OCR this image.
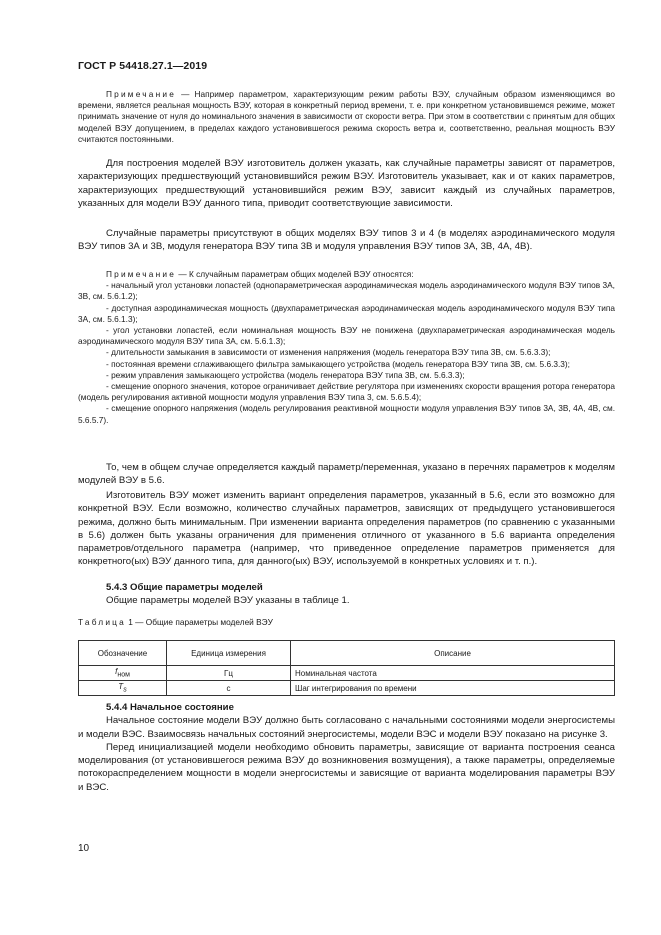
ГОСТ Р 54418.27.1—2019

Примечание — Например параметром, характеризующим режим работы ВЭУ, случайным образом изменяющимся во времени, является реальная мощность ВЭУ, которая в конкретный период времени, т. е. при конкретном установившемся режиме, может принимать значение от нуля до номинального значения в зависимости от скорости ветра. При этом в соответствии с принятым для общих моделей ВЭУ допущением, в пределах каждого установившегося режима скорость ветра и, соответственно, реальная мощность ВЭУ считаются постоянными.

Для построения моделей ВЭУ изготовитель должен указать, как случайные параметры зависят от параметров, характеризующих предшествующий установившийся режим ВЭУ. Изготовитель указывает, как и от каких параметров, характеризующих предшествующий установившийся режим ВЭУ, зависит каждый из случайных параметров, указанных для модели ВЭУ данного типа, приводит соответствующие зависимости.

Случайные параметры присутствуют в общих моделях ВЭУ типов 3 и 4 (в моделях аэродинамического модуля ВЭУ типов 3А и 3В, модуля генератора ВЭУ типа 3В и модуля управления ВЭУ типов 3А, 3В, 4А, 4В).

Примечание — К случайным параметрам общих моделей ВЭУ относятся:

- начальный угол установки лопастей (однопараметрическая аэродинамическая модель аэродинамического модуля ВЭУ типов 3А, 3В, см. 5.6.1.2);

- доступная аэродинамическая мощность (двухпараметрическая аэродинамическая модель аэродинамического модуля ВЭУ типа 3А, см. 5.6.1.3);

- угол установки лопастей, если номинальная мощность ВЭУ не понижена (двухпараметрическая аэродинамическая модель аэродинамического модуля ВЭУ типа 3А, см. 5.6.1.3);

- длительности замыкания в зависимости от изменения напряжения (модель генератора ВЭУ типа 3В, см. 5.6.3.3);

- постоянная времени сглаживающего фильтра замыкающего устройства (модель генератора ВЭУ типа 3В, см. 5.6.3.3);

- режим управления замыкающего устройства (модель генератора ВЭУ типа 3В, см. 5.6.3.3);

- смещение опорного значения, которое ограничивает действие регулятора при изменениях скорости вращения ротора генератора (модель регулирования активной мощности модуля управления ВЭУ типа 3, см. 5.6.5.4);

- смещение опорного напряжения (модель регулирования реактивной мощности модуля управления ВЭУ типов 3А, 3В, 4А, 4В, см. 5.6.5.7).

То, чем в общем случае определяется каждый параметр/переменная, указано в перечнях параметров к моделям модулей ВЭУ в 5.6.

Изготовитель ВЭУ может изменить вариант определения параметров, указанный в 5.6, если это возможно для конкретной ВЭУ. Если возможно, количество случайных параметров, зависящих от предыдущего установившегося режима, должно быть минимальным. При изменении варианта определения параметров (по сравнению с указанными в 5.6) должен быть указаны ограничения для применения отличного от указанного в 5.6 варианта определения параметров/отдельного параметра (например, что приведенное определение параметров применяется для конкретного(ых) ВЭУ данного типа, для данного(ых) ВЭУ, используемой в конкретных условиях и т. п.).

5.4.3 Общие параметры моделей

Общие параметры моделей ВЭУ указаны в таблице 1.

Таблица 1 — Общие параметры моделей ВЭУ

Обозначение	Единица измерения	Описание
$f_{ном}$	Гц	Номинальная частота
$T_s$	с	Шаг интегрирования по времени

5.4.4 Начальное состояние

Начальное состояние модели ВЭУ должно быть согласовано с начальными состояниями модели энергосистемы и модели ВЭС. Взаимосвязь начальных состояний энергосистемы, модели ВЭС и модели ВЭУ показано на рисунке 3.

Перед инициализацией модели необходимо обновить параметры, зависящие от варианта построения сеанса моделирования (от установившегося режима ВЭУ до возникновения возмущения), а также параметры, определяемые потокораспределением мощности в модели энергосистемы и зависящие от варианта моделирования параметры ВЭУ и ВЭС.

10
